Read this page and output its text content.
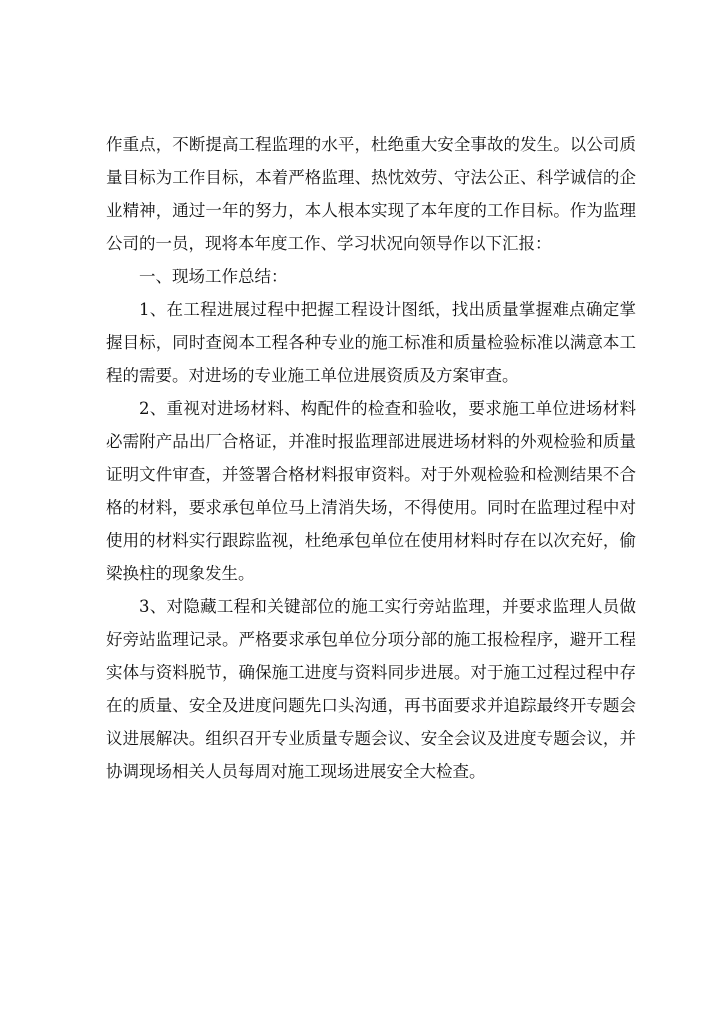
作重点，不断提高工程监理的水平，杜绝重大安全事故的发生。以公司质
量目标为工作目标，本着严格监理、热忱效劳、守法公正、科学诚信的企
业精神，通过一年的努力，本人根本实现了本年度的工作目标。作为监理
公司的一员，现将本年度工作、学习状况向领导作以下汇报：
一、现场工作总结：
1、在工程进展过程中把握工程设计图纸，找出质量掌握难点确定掌
握目标，同时查阅本工程各种专业的施工标准和质量检验标准以满意本工
程的需要。对进场的专业施工单位进展资质及方案审查。
2、重视对进场材料、构配件的检查和验收，要求施工单位进场材料
必需附产品出厂合格证，并准时报监理部进展进场材料的外观检验和质量
证明文件审查，并签署合格材料报审资料。对于外观检验和检测结果不合
格的材料，要求承包单位马上清消失场，不得使用。同时在监理过程中对
使用的材料实行跟踪监视，杜绝承包单位在使用材料时存在以次充好，偷
梁换柱的现象发生。
3、对隐藏工程和关键部位的施工实行旁站监理，并要求监理人员做
好旁站监理记录。严格要求承包单位分项分部的施工报检程序，避开工程
实体与资料脱节，确保施工进度与资料同步进展。对于施工过程过程中存
在的质量、安全及进度问题先口头沟通，再书面要求并追踪最终开专题会
议进展解决。组织召开专业质量专题会议、安全会议及进度专题会议，并
协调现场相关人员每周对施工现场进展安全大检查。
